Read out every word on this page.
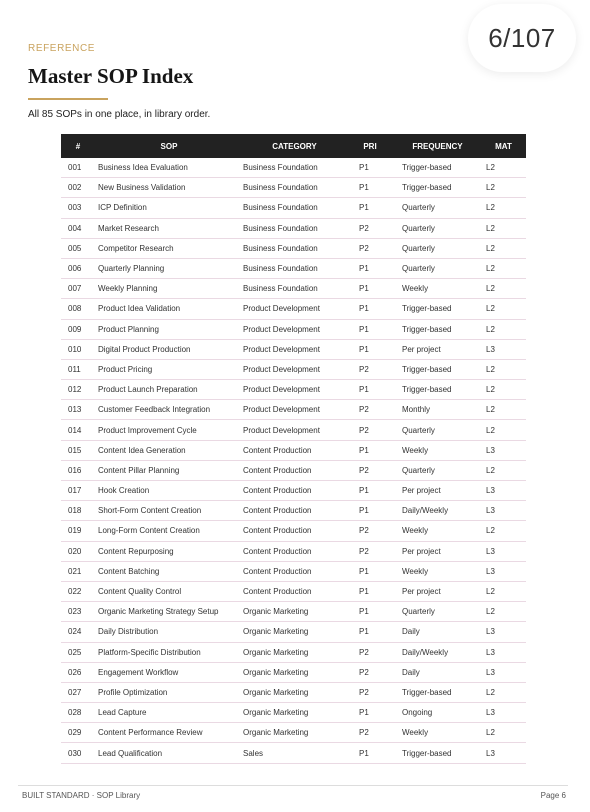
6/107
REFERENCE
Master SOP Index
All 85 SOPs in one place, in library order.
#	SOP	CATEGORY	PRI	FREQUENCY	MAT
001	Business Idea Evaluation	Business Foundation	P1	Trigger-based	L2
002	New Business Validation	Business Foundation	P1	Trigger-based	L2
003	ICP Definition	Business Foundation	P1	Quarterly	L2
004	Market Research	Business Foundation	P2	Quarterly	L2
005	Competitor Research	Business Foundation	P2	Quarterly	L2
006	Quarterly Planning	Business Foundation	P1	Quarterly	L2
007	Weekly Planning	Business Foundation	P1	Weekly	L2
008	Product Idea Validation	Product Development	P1	Trigger-based	L2
009	Product Planning	Product Development	P1	Trigger-based	L2
010	Digital Product Production	Product Development	P1	Per project	L3
011	Product Pricing	Product Development	P2	Trigger-based	L2
012	Product Launch Preparation	Product Development	P1	Trigger-based	L2
013	Customer Feedback Integration	Product Development	P2	Monthly	L2
014	Product Improvement Cycle	Product Development	P2	Quarterly	L2
015	Content Idea Generation	Content Production	P1	Weekly	L3
016	Content Pillar Planning	Content Production	P2	Quarterly	L2
017	Hook Creation	Content Production	P1	Per project	L3
018	Short-Form Content Creation	Content Production	P1	Daily/Weekly	L3
019	Long-Form Content Creation	Content Production	P2	Weekly	L2
020	Content Repurposing	Content Production	P2	Per project	L3
021	Content Batching	Content Production	P1	Weekly	L3
022	Content Quality Control	Content Production	P1	Per project	L2
023	Organic Marketing Strategy Setup	Organic Marketing	P1	Quarterly	L2
024	Daily Distribution	Organic Marketing	P1	Daily	L3
025	Platform-Specific Distribution	Organic Marketing	P2	Daily/Weekly	L3
026	Engagement Workflow	Organic Marketing	P2	Daily	L3
027	Profile Optimization	Organic Marketing	P2	Trigger-based	L2
028	Lead Capture	Organic Marketing	P1	Ongoing	L3
029	Content Performance Review	Organic Marketing	P2	Weekly	L2
030	Lead Qualification	Sales	P1	Trigger-based	L3
BUILT STANDARD · SOP Library	Page 6
